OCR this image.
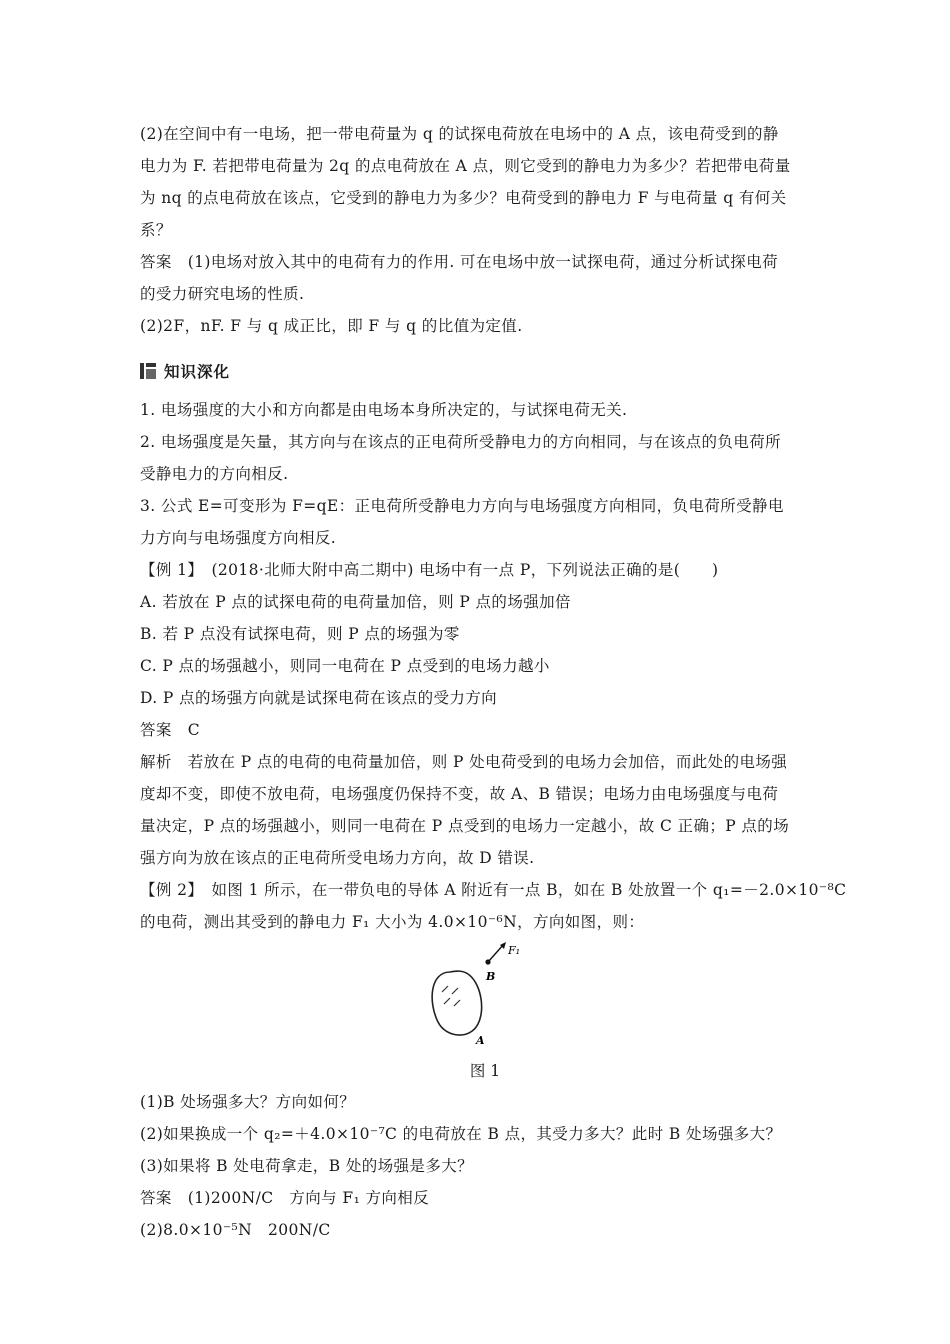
(2)在空间中有一电场，把一带电荷量为 q 的试探电荷放在电场中的 A 点，该电荷受到的静
电力为 F. 若把带电荷量为 2q 的点电荷放在 A 点，则它受到的静电力为多少？若把带电荷量
为 nq 的点电荷放在该点，它受到的静电力为多少？电荷受到的静电力 F 与电荷量 q 有何关
系？
答案　(1)电场对放入其中的电荷有力的作用. 可在电场中放一试探电荷，通过分析试探电荷
的受力研究电场的性质.
(2)2F，nF. F 与 q 成正比，即 F 与 q 的比值为定值.
知识深化
1. 电场强度的大小和方向都是由电场本身所决定的，与试探电荷无关.
2. 电场强度是矢量，其方向与在该点的正电荷所受静电力的方向相同，与在该点的负电荷所
受静电力的方向相反.
3. 公式 E=可变形为 F=qE：正电荷所受静电力方向与电场强度方向相同，负电荷所受静电
力方向与电场强度方向相反.
【例 1】　(2018·北师大附中高二期中) 电场中有一点 P，下列说法正确的是(　　)
A. 若放在 P 点的试探电荷的电荷量加倍，则 P 点的场强加倍
B. 若 P 点没有试探电荷，则 P 点的场强为零
C. P 点的场强越小，则同一电荷在 P 点受到的电场力越小
D. P 点的场强方向就是试探电荷在该点的受力方向
答案　C
解析　若放在 P 点的电荷的电荷量加倍，则 P 处电荷受到的电场力会加倍，而此处的电场强
度却不变，即使不放电荷，电场强度仍保持不变，故 A、B 错误；电场力由电场强度与电荷
量决定，P 点的场强越小，则同一电荷在 P 点受到的电场力一定越小，故 C 正确；P 点的场
强方向为放在该点的正电荷所受电场力方向，故 D 错误.
【例 2】　如图 1 所示，在一带负电的导体 A 附近有一点 B，如在 B 处放置一个 q₁=－2.0×10⁻⁸C
的电荷，测出其受到的静电力 F₁ 大小为 4.0×10⁻⁶N，方向如图，则：
F₁
B
A
图 1
(1)B 处场强多大？方向如何？
(2)如果换成一个 q₂=＋4.0×10⁻⁷C 的电荷放在 B 点，其受力多大？此时 B 处场强多大？
(3)如果将 B 处电荷拿走，B 处的场强是多大？
答案　(1)200N/C　方向与 F₁ 方向相反
(2)8.0×10⁻⁵N　200N/C
